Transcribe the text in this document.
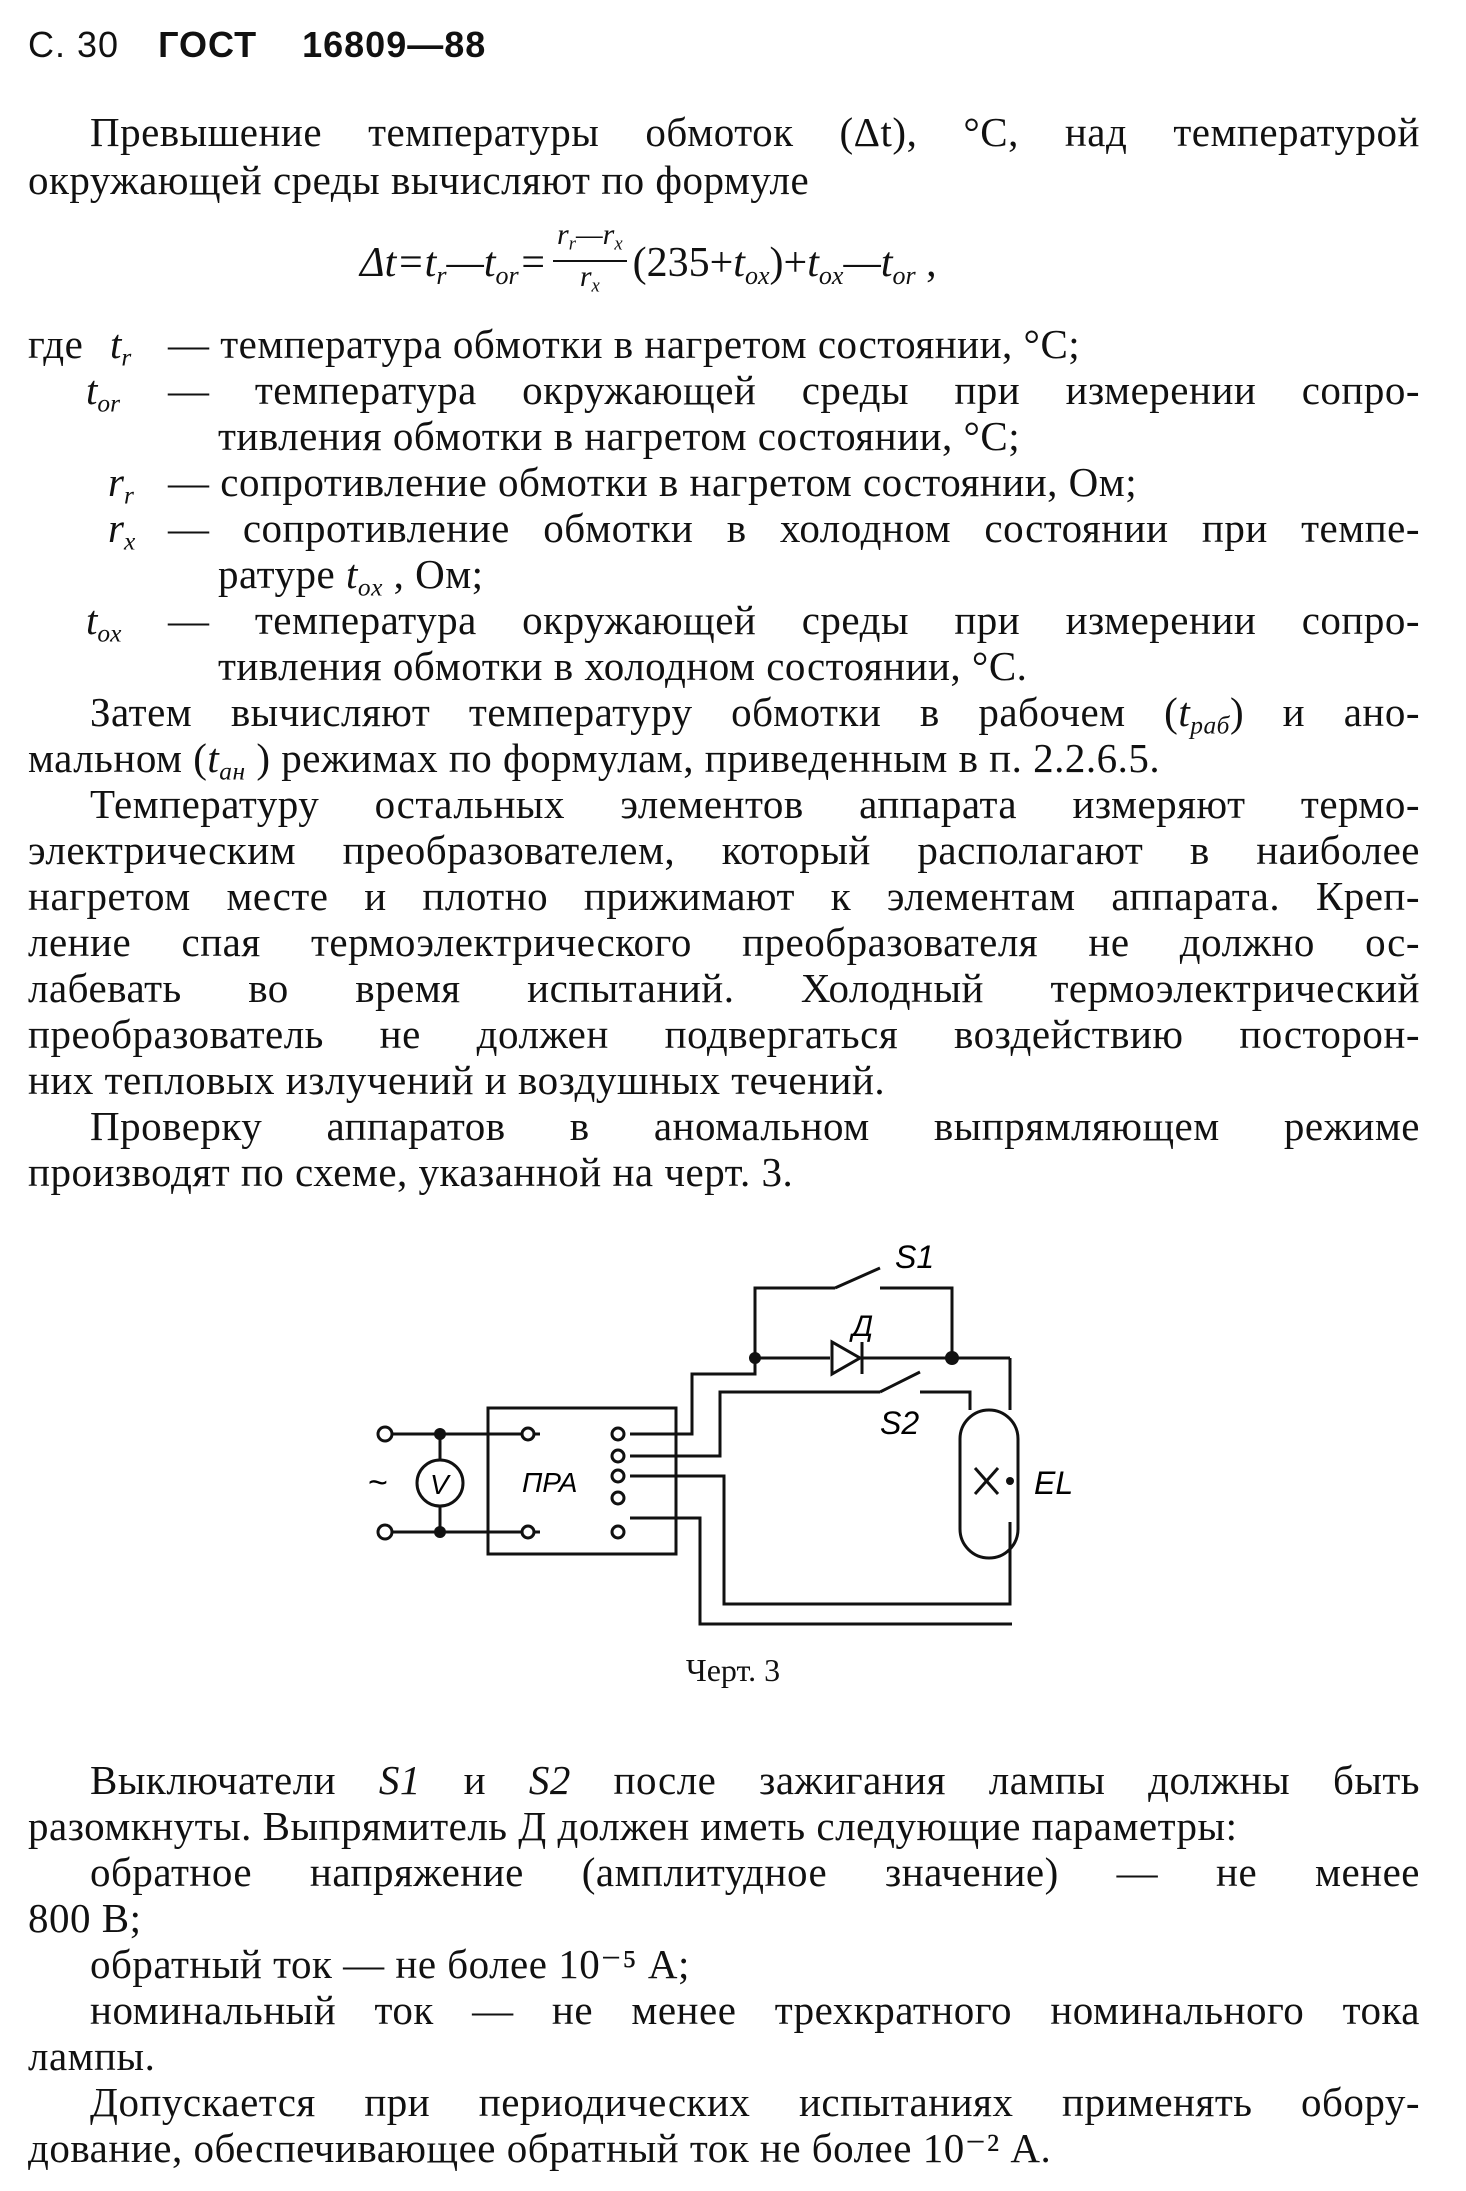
С. 30 ГОСТ 16809—88
Превышение температуры обмоток (Δt), °С, над температурой
окружающей среды вычисляют по формуле
$\Delta t=t_r—t_{or}= \frac{r_r—r_x}{r_x}$ $(235+t_{ox})+t_{ox}—t_{or}$ ,
где $t_r$ — температура обмотки в нагретом состоянии, °С;
$t_{or}$ — температура окружающей среды при измерении сопро-
тивления обмотки в нагретом состоянии, °С;
$r_r$ — сопротивление обмотки в нагретом состоянии, Ом;
$r_x$ — сопротивление обмотки в холодном состоянии при темпе-
ратуре $t_{ox}$ , Ом;
$t_{ox}$ — температура окружающей среды при измерении сопро-
тивления обмотки в холодном состоянии, °С.
Затем вычисляют температуру обмотки в рабочем $(t_{раб})$ и ано-
мальном ($t_{ан}$ ) режимах по формулам, приведенным в п. 2.2.6.5.
Температуру остальных элементов аппарата измеряют термо-
электрическим преобразователем, который располагают в наиболее
нагретом месте и плотно прижимают к элементам аппарата. Креп-
ление спая термоэлектрического преобразователя не должно ос-
лабевать во время испытаний. Холодный термоэлектрический
преобразователь не должен подвергаться воздействию посторон-
них тепловых излучений и воздушных течений.
Проверку аппаратов в аномальном выпрямляющем режиме
производят по схеме, указанной на черт. 3.
S1
Д
S2
EL
V	ПРА
~
Черт. 3
Выключатели S1 и S2 после зажигания лампы должны быть
разомкнуты. Выпрямитель Д должен иметь следующие параметры:
обратное напряжение (амплитудное значение) — не менее
800 В;
обратный ток — не более 10⁻⁵ А;
номинальный ток — не менее трехкратного номинального тока
лампы.
Допускается при периодических испытаниях применять обору-
дование, обеспечивающее обратный ток не более 10⁻² А.
